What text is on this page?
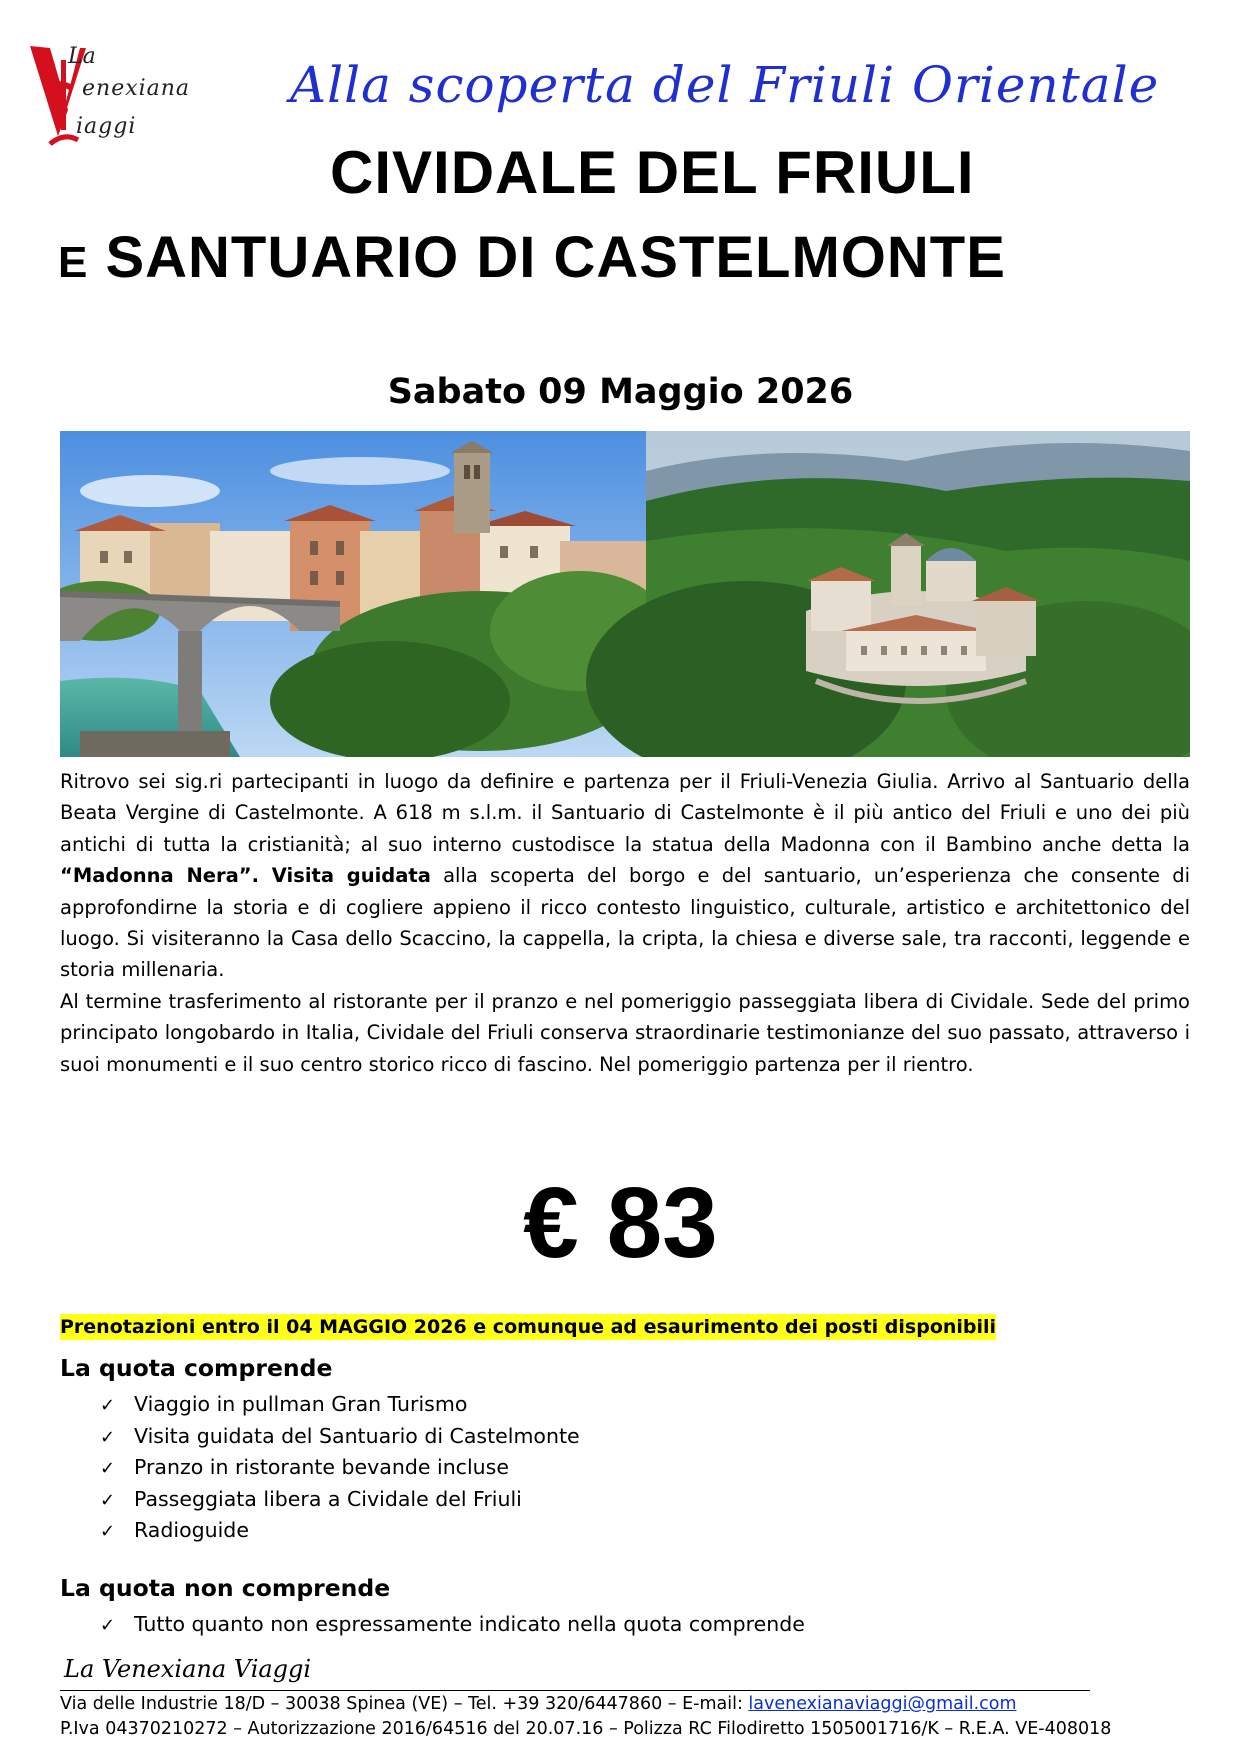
La
enexiana
iaggi
Alla scoperta del Friuli Orientale
CIVIDALE DEL FRIULI
E SANTUARIO DI CASTELMONTE
Sabato 09 Maggio 2026

Ritrovo sei sig.ri partecipanti in luogo da definire e partenza per il Friuli-Venezia Giulia. Arrivo al Santuario della Beata Vergine di Castelmonte. A 618 m s.l.m. il Santuario di Castelmonte è il più antico del Friuli e uno dei più antichi di tutta la cristianità; al suo interno custodisce la statua della Madonna con il Bambino anche detta la “Madonna Nera”. Visita guidata alla scoperta del borgo e del santuario, un’esperienza che consente di approfondirne la storia e di cogliere appieno il ricco contesto linguistico, culturale, artistico e architettonico del luogo. Si visiteranno la Casa dello Scaccino, la cappella, la cripta, la chiesa e diverse sale, tra racconti, leggende e storia millenaria.

Al termine trasferimento al ristorante per il pranzo e nel pomeriggio passeggiata libera di Cividale. Sede del primo principato longobardo in Italia, Cividale del Friuli conserva straordinarie testimonianze del suo passato, attraverso i suoi monumenti e il suo centro storico ricco di fascino. Nel pomeriggio partenza per il rientro.

€ 83
Prenotazioni entro il 04 MAGGIO 2026 e comunque ad esaurimento dei posti disponibili
La quota comprende
✓ Viaggio in pullman Gran Turismo
✓ Visita guidata del Santuario di Castelmonte
✓ Pranzo in ristorante bevande incluse
✓ Passeggiata libera a Cividale del Friuli
✓ Radioguide
La quota non comprende
✓ Tutto quanto non espressamente indicato nella quota comprende
La Venexiana Viaggi
Via delle Industrie 18/D – 30038 Spinea (VE) – Tel. +39 320/6447860 – E-mail: lavenexianaviaggi@gmail.com
P.Iva 04370210272 – Autorizzazione 2016/64516 del 20.07.16 – Polizza RC Filodiretto 1505001716/K – R.E.A. VE-408018
